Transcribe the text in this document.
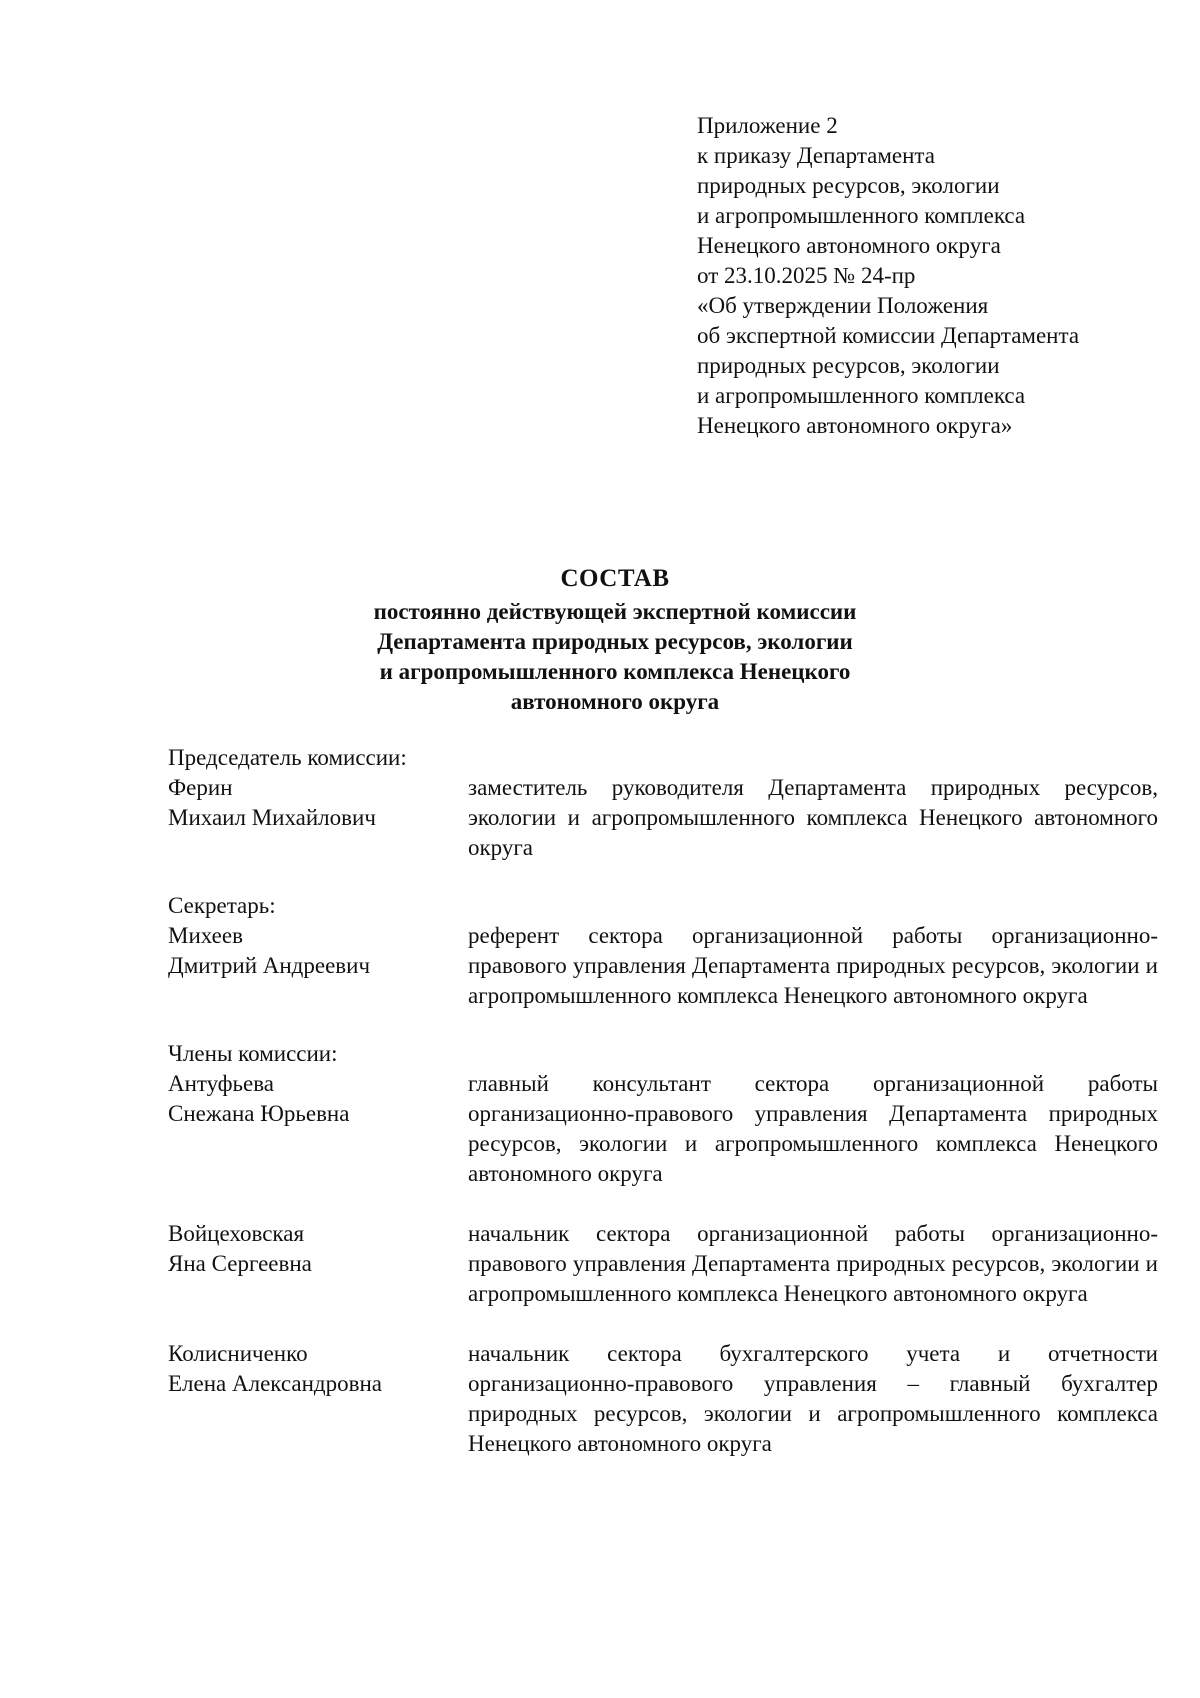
Приложение 2
к приказу Департамента
природных ресурсов, экологии
и агропромышленного комплекса
Ненецкого автономного округа
от 23.10.2025 № 24-пр
«Об утверждении Положения
об экспертной комиссии Департамента
природных ресурсов, экологии
и агропромышленного комплекса
Ненецкого автономного округа»
СОСТАВ
постоянно действующей экспертной комиссии
Департамента природных ресурсов, экологии
и агропромышленного комплекса Ненецкого
автономного округа
Председатель комиссии:
Ферин
Михаил Михайлович
заместитель руководителя Департамента природных ресурсов, экологии и агропромышленного комплекса Ненецкого автономного округа
Секретарь:
Михеев
Дмитрий Андреевич
референт сектора организационной работы организационно-правового управления Департамента природных ресурсов, экологии и агропромышленного комплекса Ненецкого автономного округа
Члены комиссии:
Антуфьева
Снежана Юрьевна
главный консультант сектора организационной работы организационно-правового управления Департамента природных ресурсов, экологии и агропромышленного комплекса Ненецкого автономного округа
Войцеховская
Яна Сергеевна
начальник сектора организационной работы организационно-правового управления Департамента природных ресурсов, экологии и агропромышленного комплекса Ненецкого автономного округа
Колисниченко
Елена Александровна
начальник сектора бухгалтерского учета и отчетности организационно-правового управления – главный бухгалтер природных ресурсов, экологии и агропромышленного комплекса Ненецкого автономного округа
